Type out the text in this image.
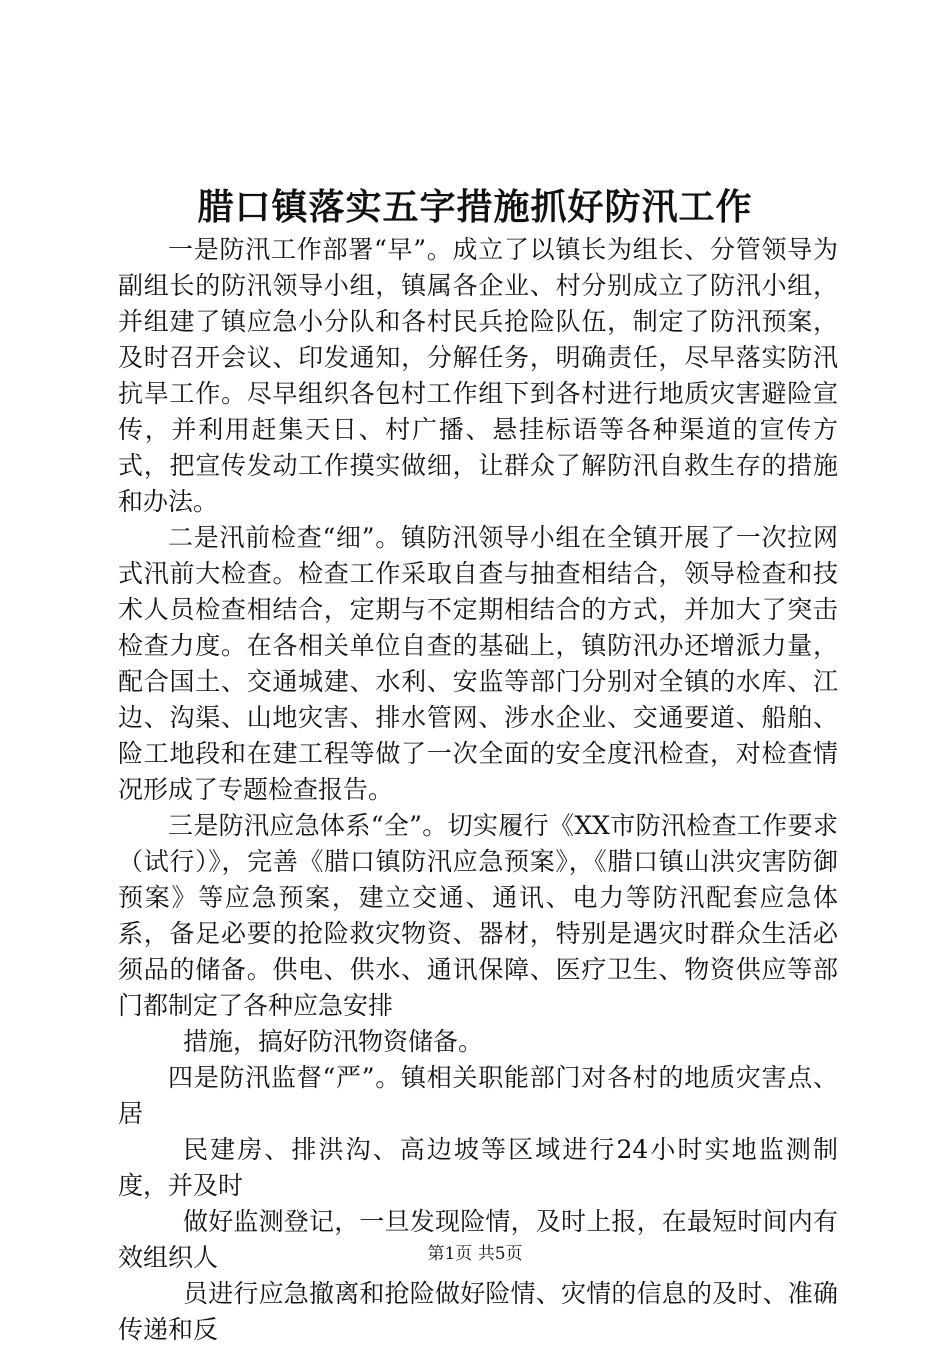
腊口镇落实五字措施抓好防汛工作

一是防汛工作部署“早”。成立了以镇长为组长、分管领导为副组长的防汛领导小组，镇属各企业、村分别成立了防汛小组，并组建了镇应急小分队和各村民兵抢险队伍，制定了防汛预案，及时召开会议、印发通知，分解任务，明确责任，尽早落实防汛抗旱工作。尽早组织各包村工作组下到各村进行地质灾害避险宣传，并利用赶集天日、村广播、悬挂标语等各种渠道的宣传方式，把宣传发动工作摸实做细，让群众了解防汛自救生存的措施和办法。

二是汛前检查“细”。镇防汛领导小组在全镇开展了一次拉网式汛前大检查。检查工作采取自查与抽查相结合，领导检查和技术人员检查相结合，定期与不定期相结合的方式，并加大了突击检查力度。在各相关单位自查的基础上，镇防汛办还增派力量，配合国土、交通城建、水利、安监等部门分别对全镇的水库、江边、沟渠、山地灾害、排水管网、涉水企业、交通要道、船舶、险工地段和在建工程等做了一次全面的安全度汛检查，对检查情况形成了专题检查报告。

三是防汛应急体系“全”。切实履行《XX市防汛检查工作要求（试行）》，完善《腊口镇防汛应急预案》，《腊口镇山洪灾害防御预案》等应急预案，建立交通、通讯、电力等防汛配套应急体系，备足必要的抢险救灾物资、器材，特别是遇灾时群众生活必须品的储备。供电、供水、通讯保障、医疗卫生、物资供应等部门都制定了各种应急安排

措施，搞好防汛物资储备。

四是防汛监督“严”。镇相关职能部门对各村的地质灾害点、居

民建房、排洪沟、高边坡等区域进行24小时实地监测制度，并及时

做好监测登记，一旦发现险情，及时上报，在最短时间内有效组织人

员进行应急撤离和抢险做好险情、灾情的信息的及时、准确传递和反

第1页 共5页
